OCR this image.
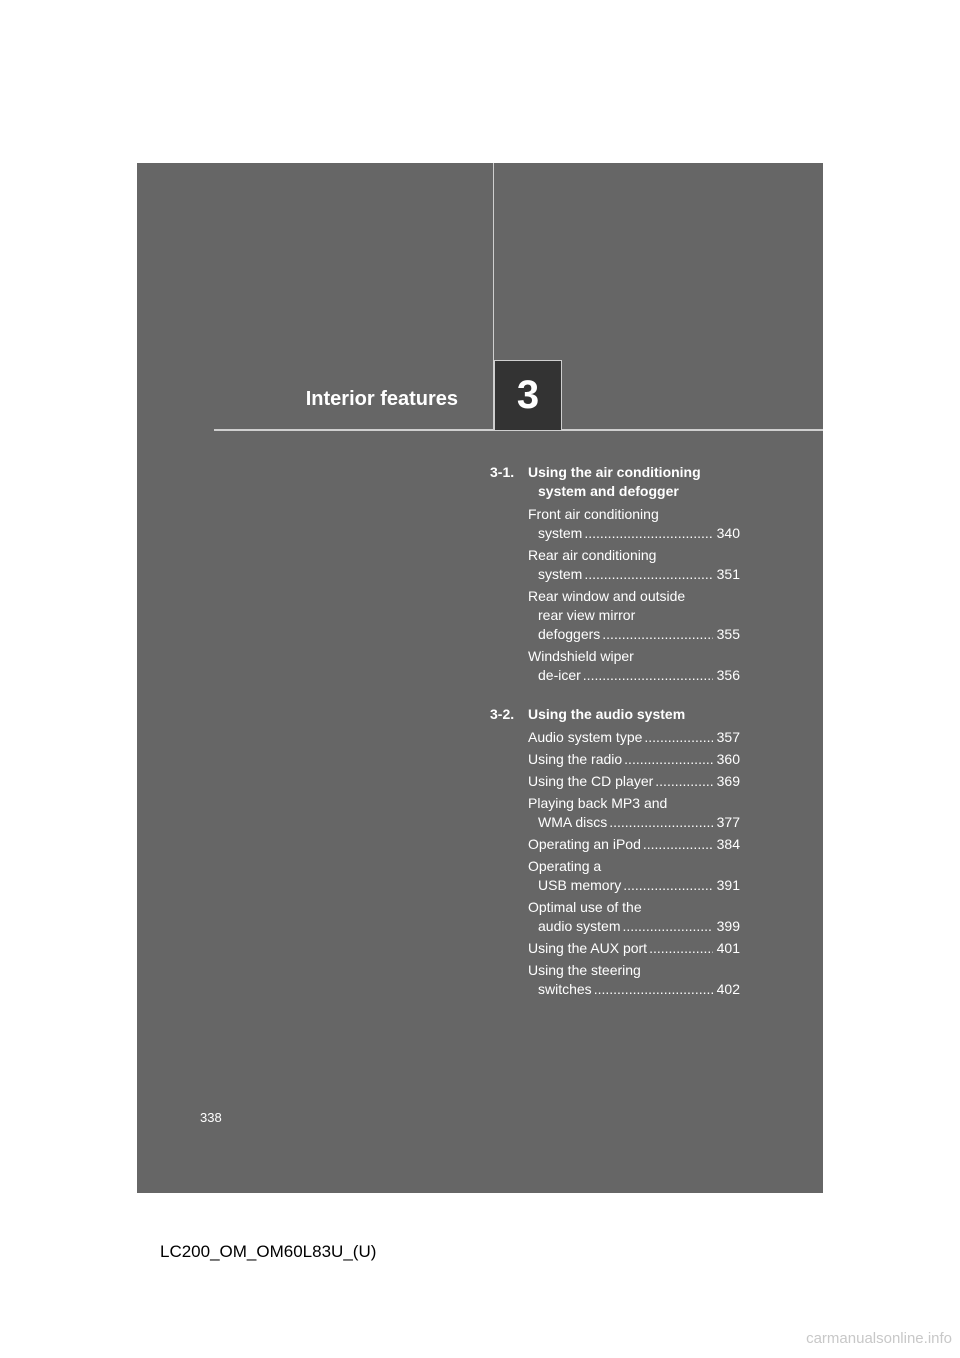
Interior features 3
3-1. Using the air conditioning
system and defogger
Front air conditioning
system .....	340
Rear air conditioning
system .....	351
Rear window and outside
rear view mirror
defoggers .....	355
Windshield wiper
de-icer .....	356
3-2. Using the audio system
Audio system type .....	357
Using the radio .....	360
Using the CD player .....	369
Playing back MP3 and
WMA discs .....	377
Operating an iPod .....	384
Operating a
USB memory .....	391
Optimal use of the
audio system .....	399
Using the AUX port .....	401
Using the steering
switches .....	402
338
LC200_OM_OM60L83U_(U)
carmanualsonline.info
